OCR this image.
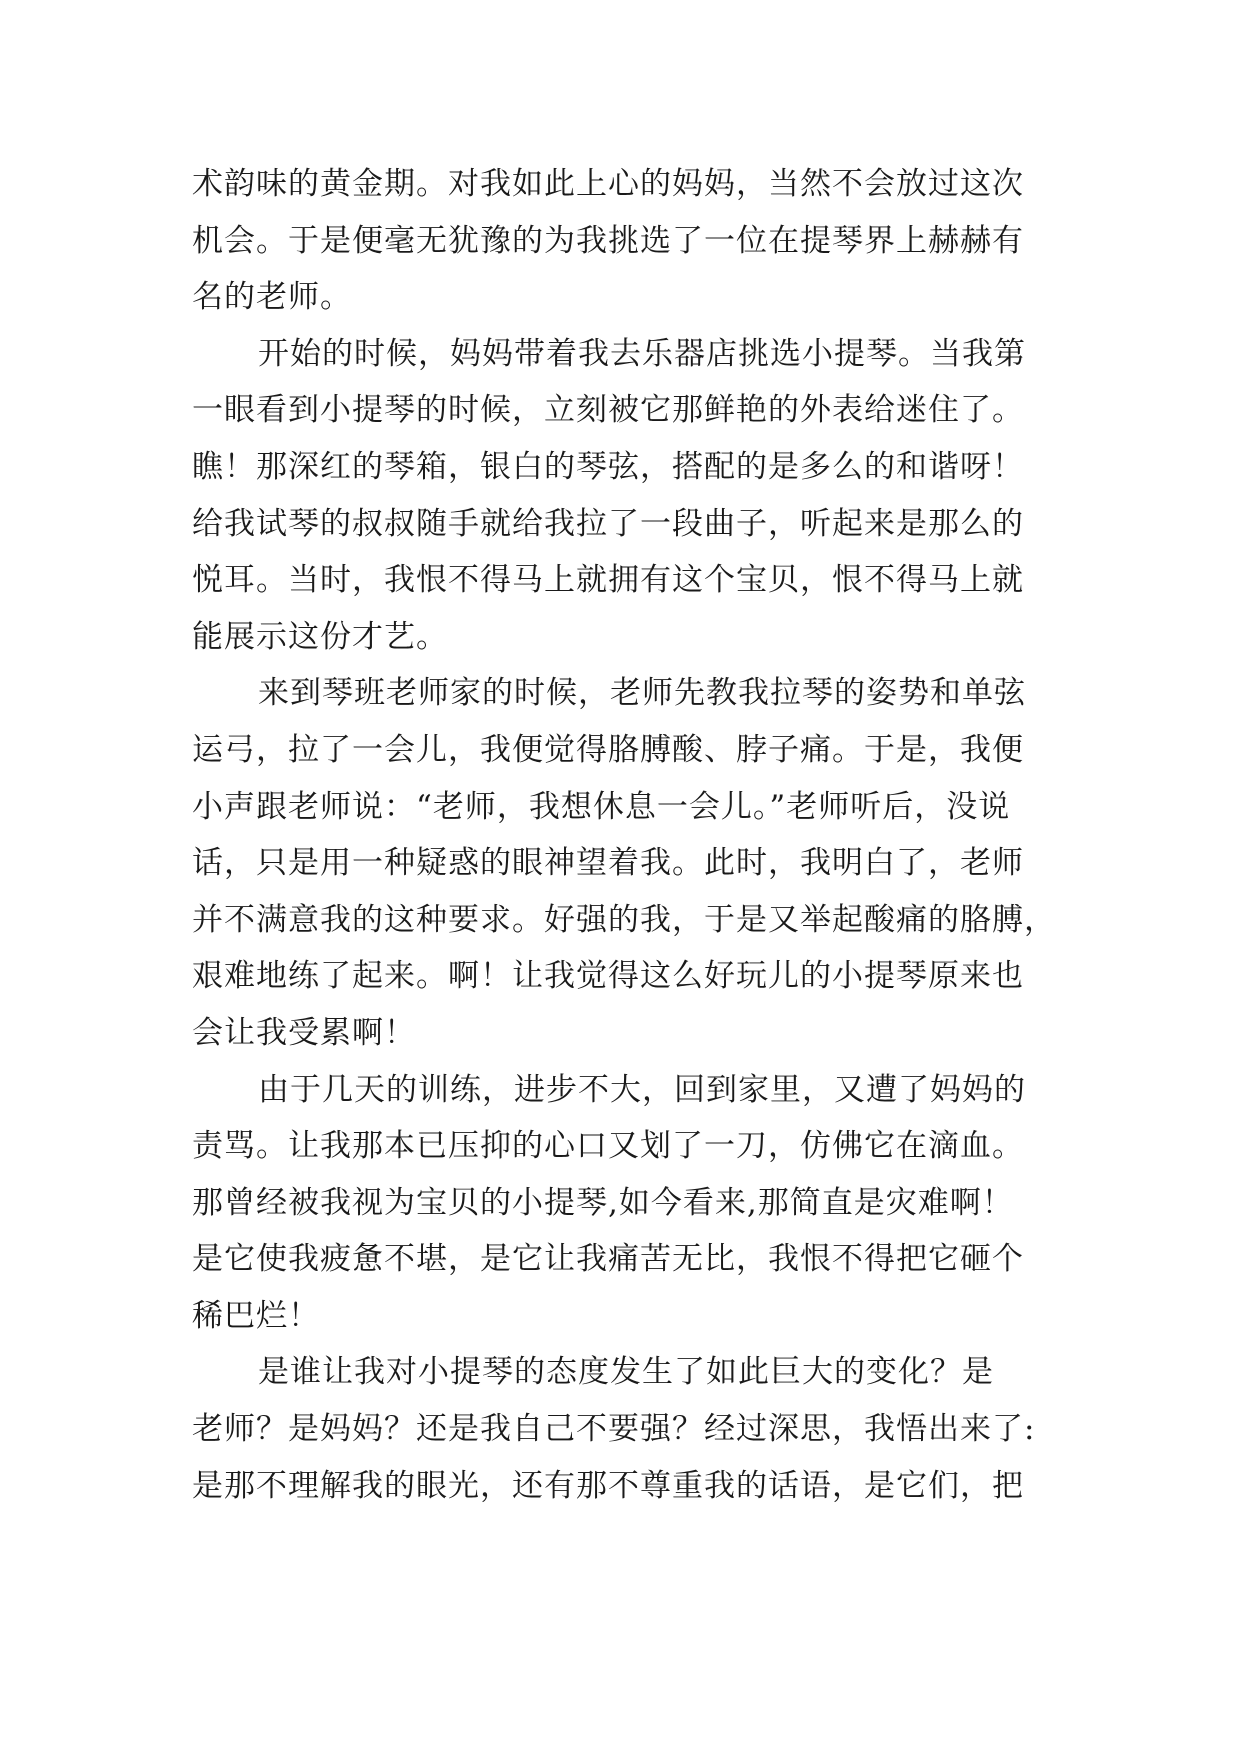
术韵味的黄金期。对我如此上心的妈妈，当然不会放过这次
机会。于是便毫无犹豫的为我挑选了一位在提琴界上赫赫有
名的老师。
开始的时候，妈妈带着我去乐器店挑选小提琴。当我第
一眼看到小提琴的时候，立刻被它那鲜艳的外表给迷住了。
瞧！那深红的琴箱，银白的琴弦，搭配的是多么的和谐呀！
给我试琴的叔叔随手就给我拉了一段曲子，听起来是那么的
悦耳。当时，我恨不得马上就拥有这个宝贝，恨不得马上就
能展示这份才艺。
来到琴班老师家的时候，老师先教我拉琴的姿势和单弦
运弓，拉了一会儿，我便觉得胳膊酸、脖子痛。于是，我便
小声跟老师说：“老师，我想休息一会儿。”老师听后，没说
话，只是用一种疑惑的眼神望着我。此时，我明白了，老师
并不满意我的这种要求。好强的我，于是又举起酸痛的胳膊，
艰难地练了起来。啊！让我觉得这么好玩儿的小提琴原来也
会让我受累啊！
由于几天的训练，进步不大，回到家里，又遭了妈妈的
责骂。让我那本已压抑的心口又划了一刀，仿佛它在滴血。
那曾经被我视为宝贝的小提琴,如今看来,那简直是灾难啊！
是它使我疲惫不堪，是它让我痛苦无比，我恨不得把它砸个
稀巴烂！
是谁让我对小提琴的态度发生了如此巨大的变化？是
老师？是妈妈？还是我自己不要强？经过深思，我悟出来了:
是那不理解我的眼光，还有那不尊重我的话语，是它们，把
